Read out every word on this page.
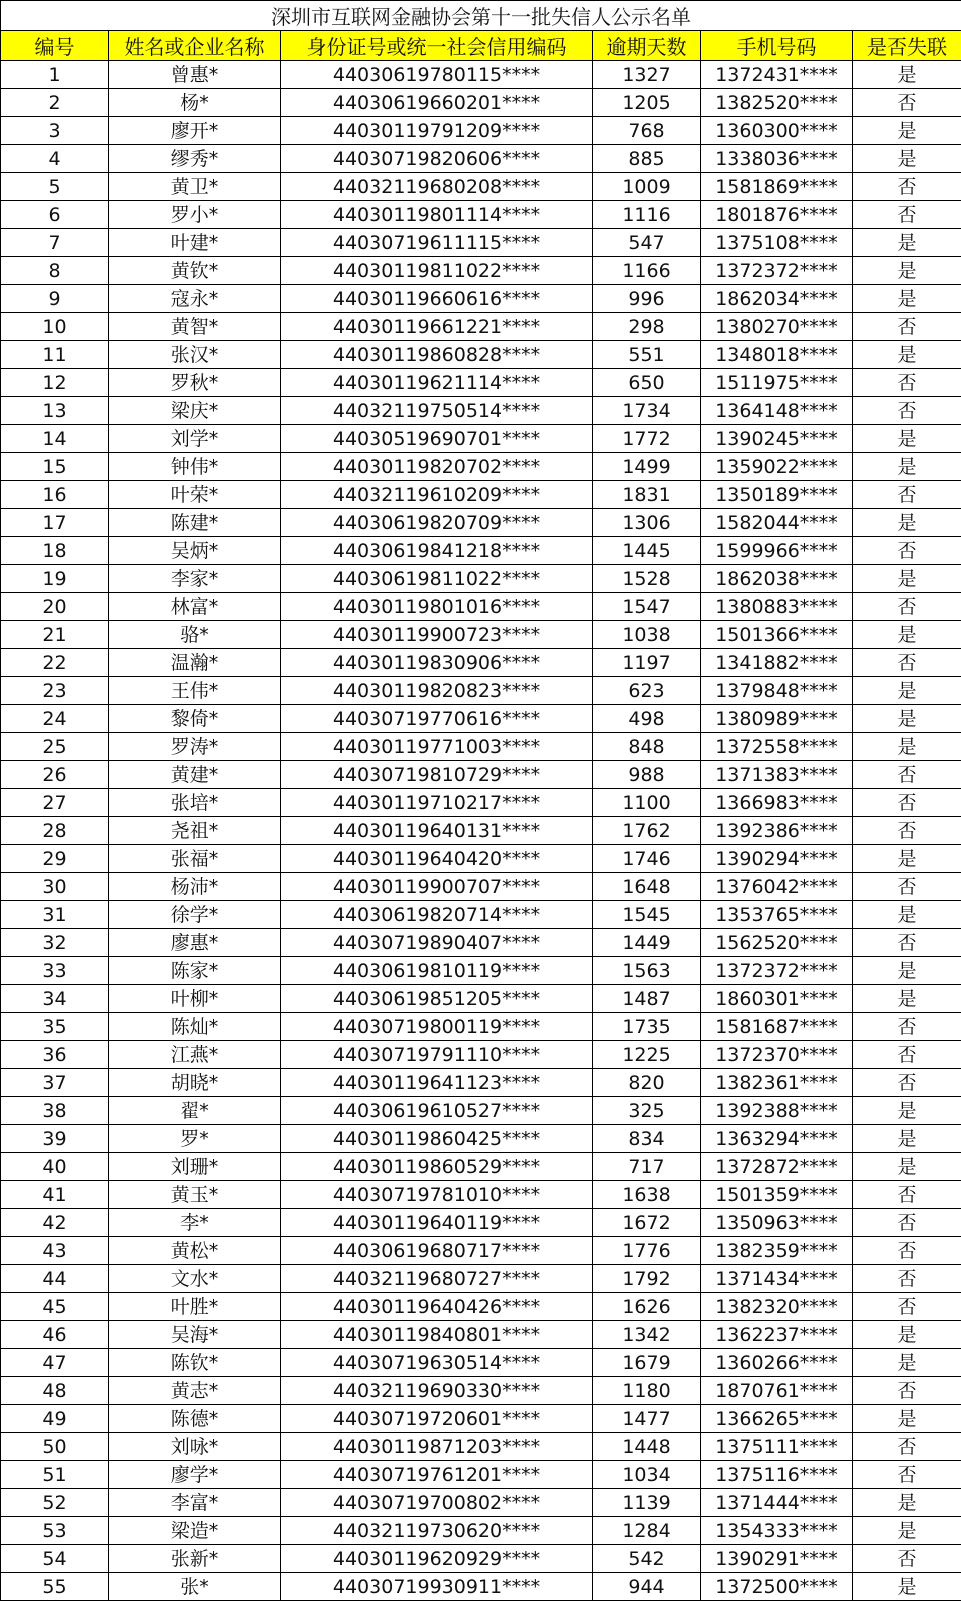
深圳市互联网金融协会第十一批失信人公示名单					
编号	姓名或企业名称	身份证号或统一社会信用编码	逾期天数	手机号码	是否失联
1	曾惠*	44030619780115****	1327	1372431****	是
2	杨*	44030619660201****	1205	1382520****	否
3	廖开*	44030119791209****	768	1360300****	是
4	缪秀*	44030719820606****	885	1338036****	是
5	黄卫*	44032119680208****	1009	1581869****	否
6	罗小*	44030119801114****	1116	1801876****	否
7	叶建*	44030719611115****	547	1375108****	是
8	黄钦*	44030119811022****	1166	1372372****	是
9	寇永*	44030119660616****	996	1862034****	是
10	黄智*	44030119661221****	298	1380270****	否
11	张汉*	44030119860828****	551	1348018****	是
12	罗秋*	44030119621114****	650	1511975****	否
13	梁庆*	44032119750514****	1734	1364148****	否
14	刘学*	44030519690701****	1772	1390245****	是
15	钟伟*	44030119820702****	1499	1359022****	是
16	叶荣*	44032119610209****	1831	1350189****	否
17	陈建*	44030619820709****	1306	1582044****	是
18	吴炳*	44030619841218****	1445	1599966****	否
19	李家*	44030619811022****	1528	1862038****	是
20	林富*	44030119801016****	1547	1380883****	否
21	骆*	44030119900723****	1038	1501366****	是
22	温瀚*	44030119830906****	1197	1341882****	否
23	王伟*	44030119820823****	623	1379848****	是
24	黎倚*	44030719770616****	498	1380989****	是
25	罗涛*	44030119771003****	848	1372558****	是
26	黄建*	44030719810729****	988	1371383****	否
27	张培*	44030119710217****	1100	1366983****	否
28	尧祖*	44030119640131****	1762	1392386****	否
29	张福*	44030119640420****	1746	1390294****	是
30	杨沛*	44030119900707****	1648	1376042****	否
31	徐学*	44030619820714****	1545	1353765****	是
32	廖惠*	44030719890407****	1449	1562520****	否
33	陈家*	44030619810119****	1563	1372372****	是
34	叶柳*	44030619851205****	1487	1860301****	是
35	陈灿*	44030719800119****	1735	1581687****	否
36	江燕*	44030719791110****	1225	1372370****	否
37	胡晓*	44030119641123****	820	1382361****	否
38	翟*	44030619610527****	325	1392388****	是
39	罗*	44030119860425****	834	1363294****	是
40	刘珊*	44030119860529****	717	1372872****	是
41	黄玉*	44030719781010****	1638	1501359****	否
42	李*	44030119640119****	1672	1350963****	否
43	黄松*	44030619680717****	1776	1382359****	否
44	文水*	44032119680727****	1792	1371434****	否
45	叶胜*	44030119640426****	1626	1382320****	否
46	吴海*	44030119840801****	1342	1362237****	是
47	陈钦*	44030719630514****	1679	1360266****	是
48	黄志*	44032119690330****	1180	1870761****	否
49	陈德*	44030719720601****	1477	1366265****	是
50	刘咏*	44030119871203****	1448	1375111****	否
51	廖学*	44030719761201****	1034	1375116****	否
52	李富*	44030719700802****	1139	1371444****	是
53	梁造*	44032119730620****	1284	1354333****	是
54	张新*	44030119620929****	542	1390291****	否
55	张*	44030719930911****	944	1372500****	是
